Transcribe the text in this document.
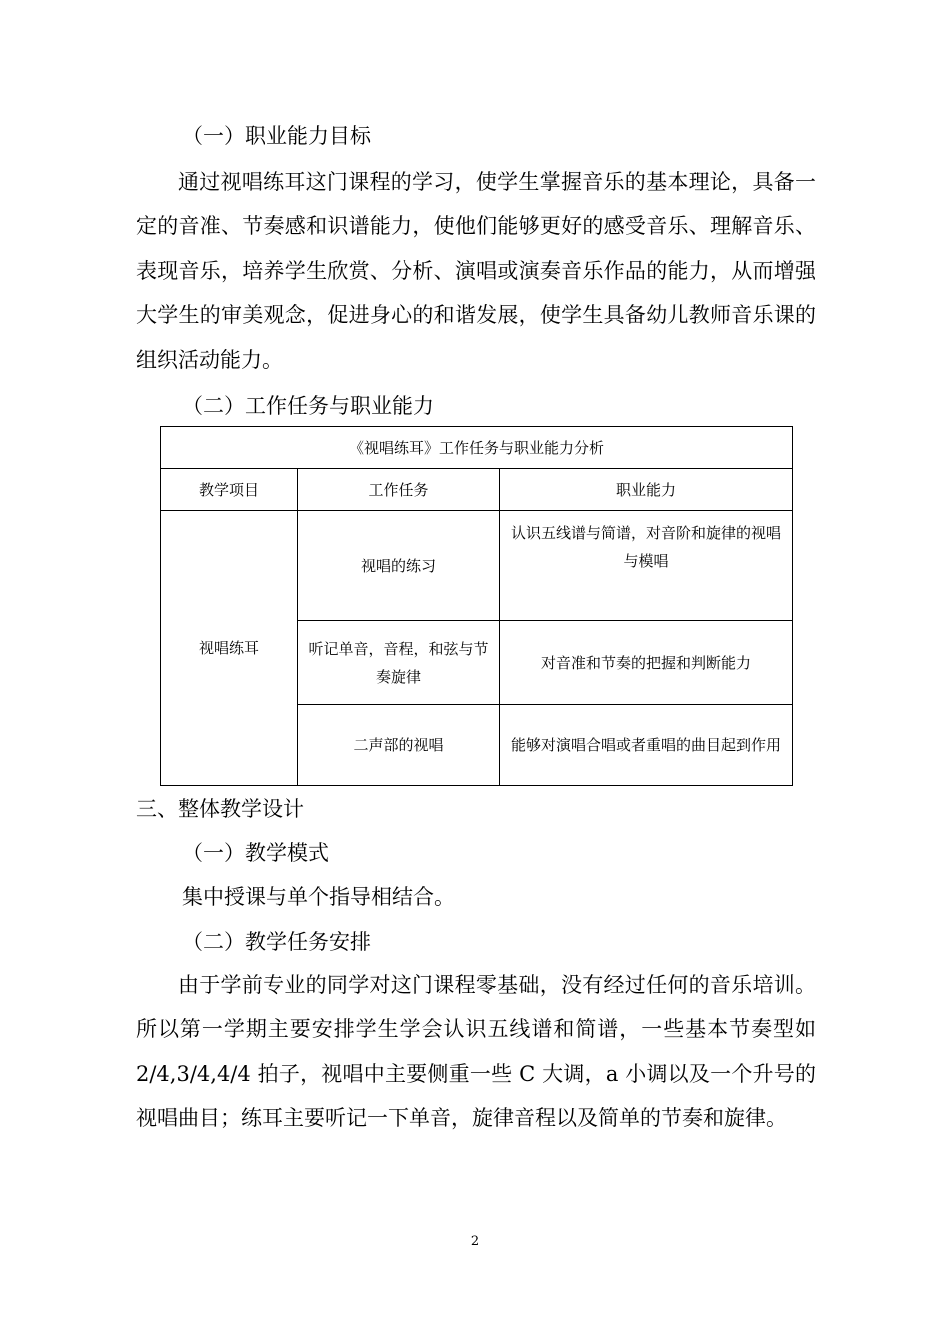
（一）职业能力目标

通过视唱练耳这门课程的学习，使学生掌握音乐的基本理论，具备一定的音准、节奏感和识谱能力，使他们能够更好的感受音乐、理解音乐、表现音乐，培养学生欣赏、分析、演唱或演奏音乐作品的能力，从而增强大学生的审美观念，促进身心的和谐发展，使学生具备幼儿教师音乐课的组织活动能力。

（二）工作任务与职业能力
《视唱练耳》工作任务与职业能力分析		
教学项目	工作任务	职业能力
视唱练耳	视唱的练习	认识五线谱与简谱，对音阶和旋律的视唱与模唱
	听记单音，音程，和弦与节奏旋律	对音准和节奏的把握和判断能力
	二声部的视唱	能够对演唱合唱或者重唱的曲目起到作用
三、整体教学设计
（一）教学模式
集中授课与单个指导相结合。
（二）教学任务安排

由于学前专业的同学对这门课程零基础，没有经过任何的音乐培训。所以第一学期主要安排学生学会认识五线谱和简谱，一些基本节奏型如 2/4,3/4,4/4 拍子，视唱中主要侧重一些 C 大调，a 小调以及一个升号的视唱曲目；练耳主要听记一下单音，旋律音程以及简单的节奏和旋律。

2
